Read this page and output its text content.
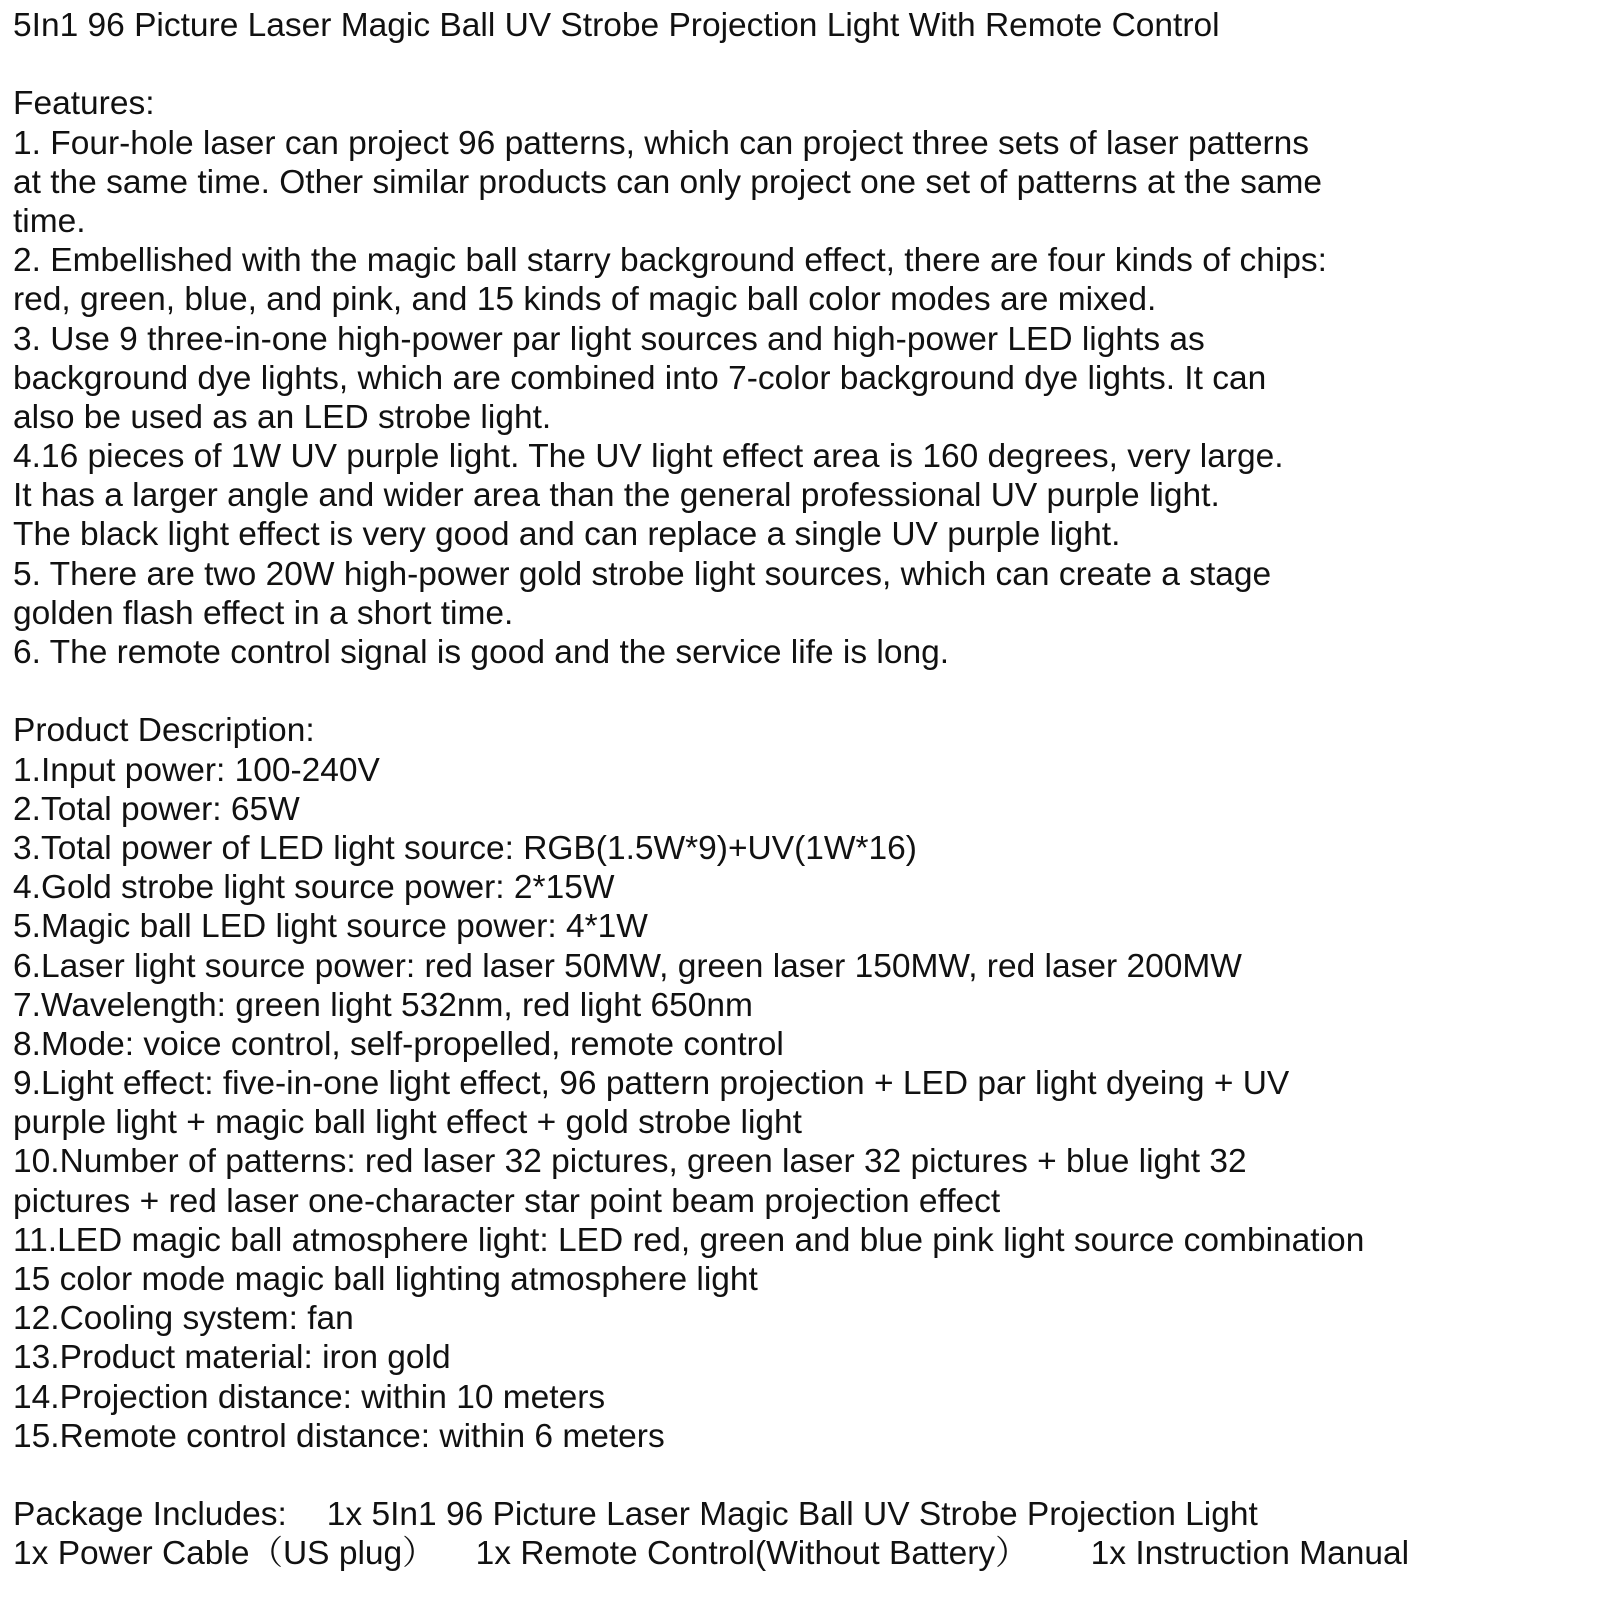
5In1 96 Picture Laser Magic Ball UV Strobe Projection Light With Remote Control
Features:
1. Four-hole laser can project 96 patterns, which can project three sets of laser patterns
at the same time. Other similar products can only project one set of patterns at the same
time.
2. Embellished with the magic ball starry background effect, there are four kinds of chips:
red, green, blue, and pink, and 15 kinds of magic ball color modes are mixed.
3. Use 9 three-in-one high-power par light sources and high-power LED lights as
background dye lights, which are combined into 7-color background dye lights. It can
also be used as an LED strobe light.
4.16 pieces of 1W UV purple light. The UV light effect area is 160 degrees, very large.
It has a larger angle and wider area than the general professional UV purple light.
The black light effect is very good and can replace a single UV purple light.
5. There are two 20W high-power gold strobe light sources, which can create a stage
golden flash effect in a short time.
6. The remote control signal is good and the service life is long.
Product Description:
1.Input power: 100-240V
2.Total power: 65W
3.Total power of LED light source: RGB(1.5W*9)+UV(1W*16)
4.Gold strobe light source power: 2*15W
5.Magic ball LED light source power: 4*1W
6.Laser light source power: red laser 50MW, green laser 150MW, red laser 200MW
7.Wavelength: green light 532nm, red light 650nm
8.Mode: voice control, self-propelled, remote control
9.Light effect: five-in-one light effect, 96 pattern projection + LED par light dyeing + UV
purple light + magic ball light effect + gold strobe light
10.Number of patterns: red laser 32 pictures, green laser 32 pictures + blue light 32
pictures + red laser one-character star point beam projection effect
11.LED magic ball atmosphere light: LED red, green and blue pink light source combination
15 color mode magic ball lighting atmosphere light
12.Cooling system: fan
13.Product material: iron gold
14.Projection distance: within 10 meters
15.Remote control distance: within 6 meters
Package Includes: 1x 5In1 96 Picture Laser Magic Ball UV Strobe Projection Light
1x Power Cable（US plug） 1x Remote Control(Without Battery） 1x Instruction Manual
